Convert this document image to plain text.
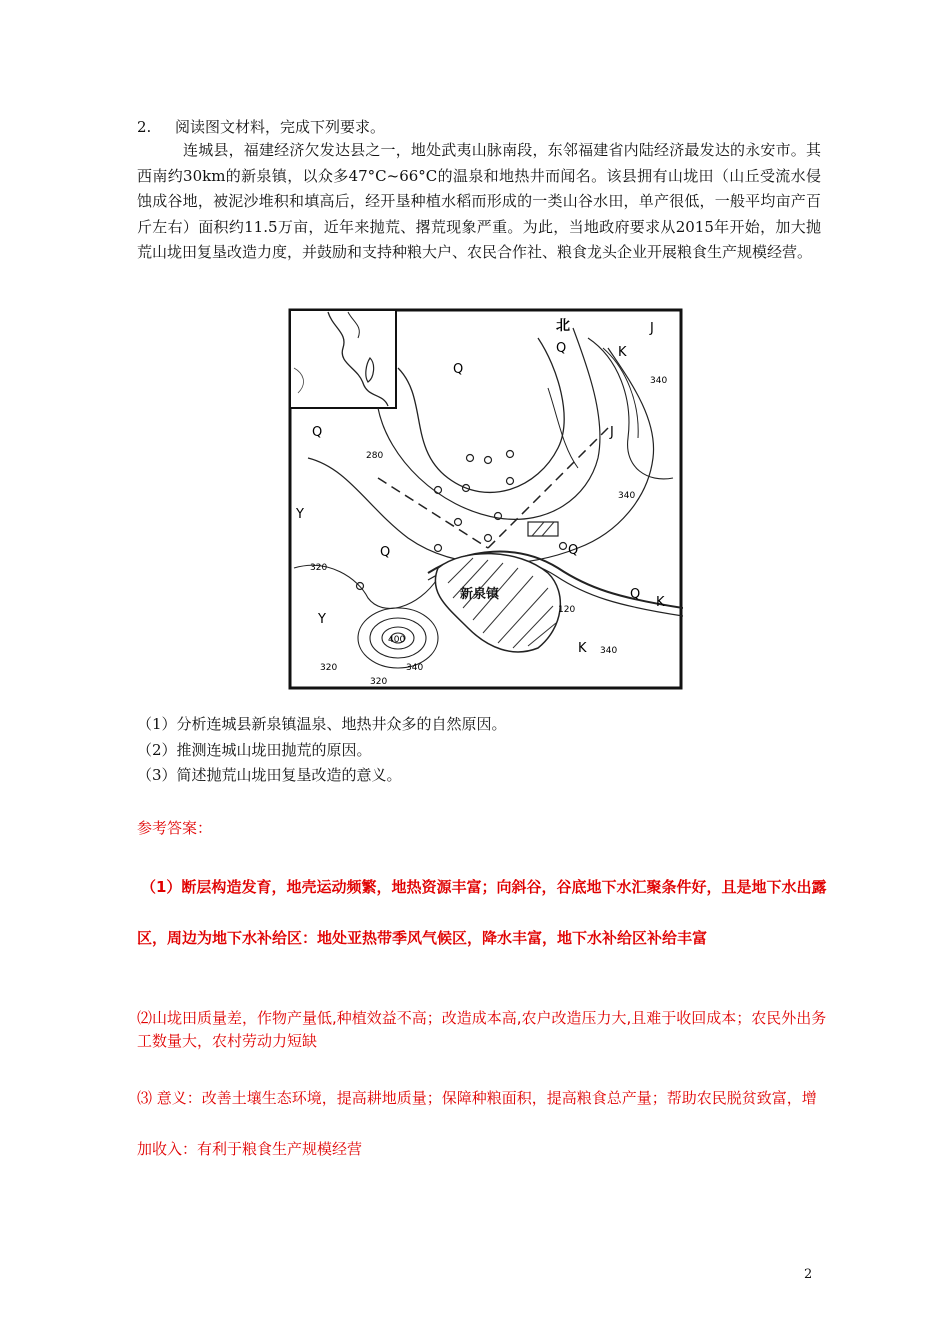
2. 阅读图文材料，完成下列要求。
连城县，福建经济欠发达县之一，地处武夷山脉南段，东邻福建省内陆经济最发达的永安市。其西南约30km的新泉镇，以众多47°C~66°C的温泉和地热井而闻名。该县拥有山垅田（山丘受流水侵蚀成谷地，被泥沙堆积和填高后，经开垦种植水稻而形成的一类山谷水田，单产很低，一般平均亩产百斤左右）面积约11.5万亩，近年来抛荒、撂荒现象严重。为此，当地政府要求从2015年开始，加大抛荒山垅田复垦改造力度，并鼓励和支持种粮大户、农民合作社、粮食龙头企业开展粮食生产规模经营。
北
新泉镇
Q
Q
Q
Q	Q
Q
J
J
K
K
K
Y
Y
280
340
340
340
340
320
320
320
400
120
（1）分析连城县新泉镇温泉、地热井众多的自然原因。
（2）推测连城山垅田抛荒的原因。
（3）简述抛荒山垅田复垦改造的意义。
参考答案：
（1）断层构造发育，地壳运动频繁，地热资源丰富；向斜谷，谷底地下水汇聚条件好，且是地下水出露区，周边为地下水补给区：地处亚热带季风气候区，降水丰富，地下水补给区补给丰富
⑵山垅田质量差，作物产量低,种植效益不高；改造成本高,农户改造压力大,且难于收回成本；农民外出务工数量大，农村劳动力短缺
⑶ 意义：改善土壤生态环境，提高耕地质量；保障种粮面积，提高粮食总产量；帮助农民脱贫致富，增加收入：有利于粮食生产规模经营
2
